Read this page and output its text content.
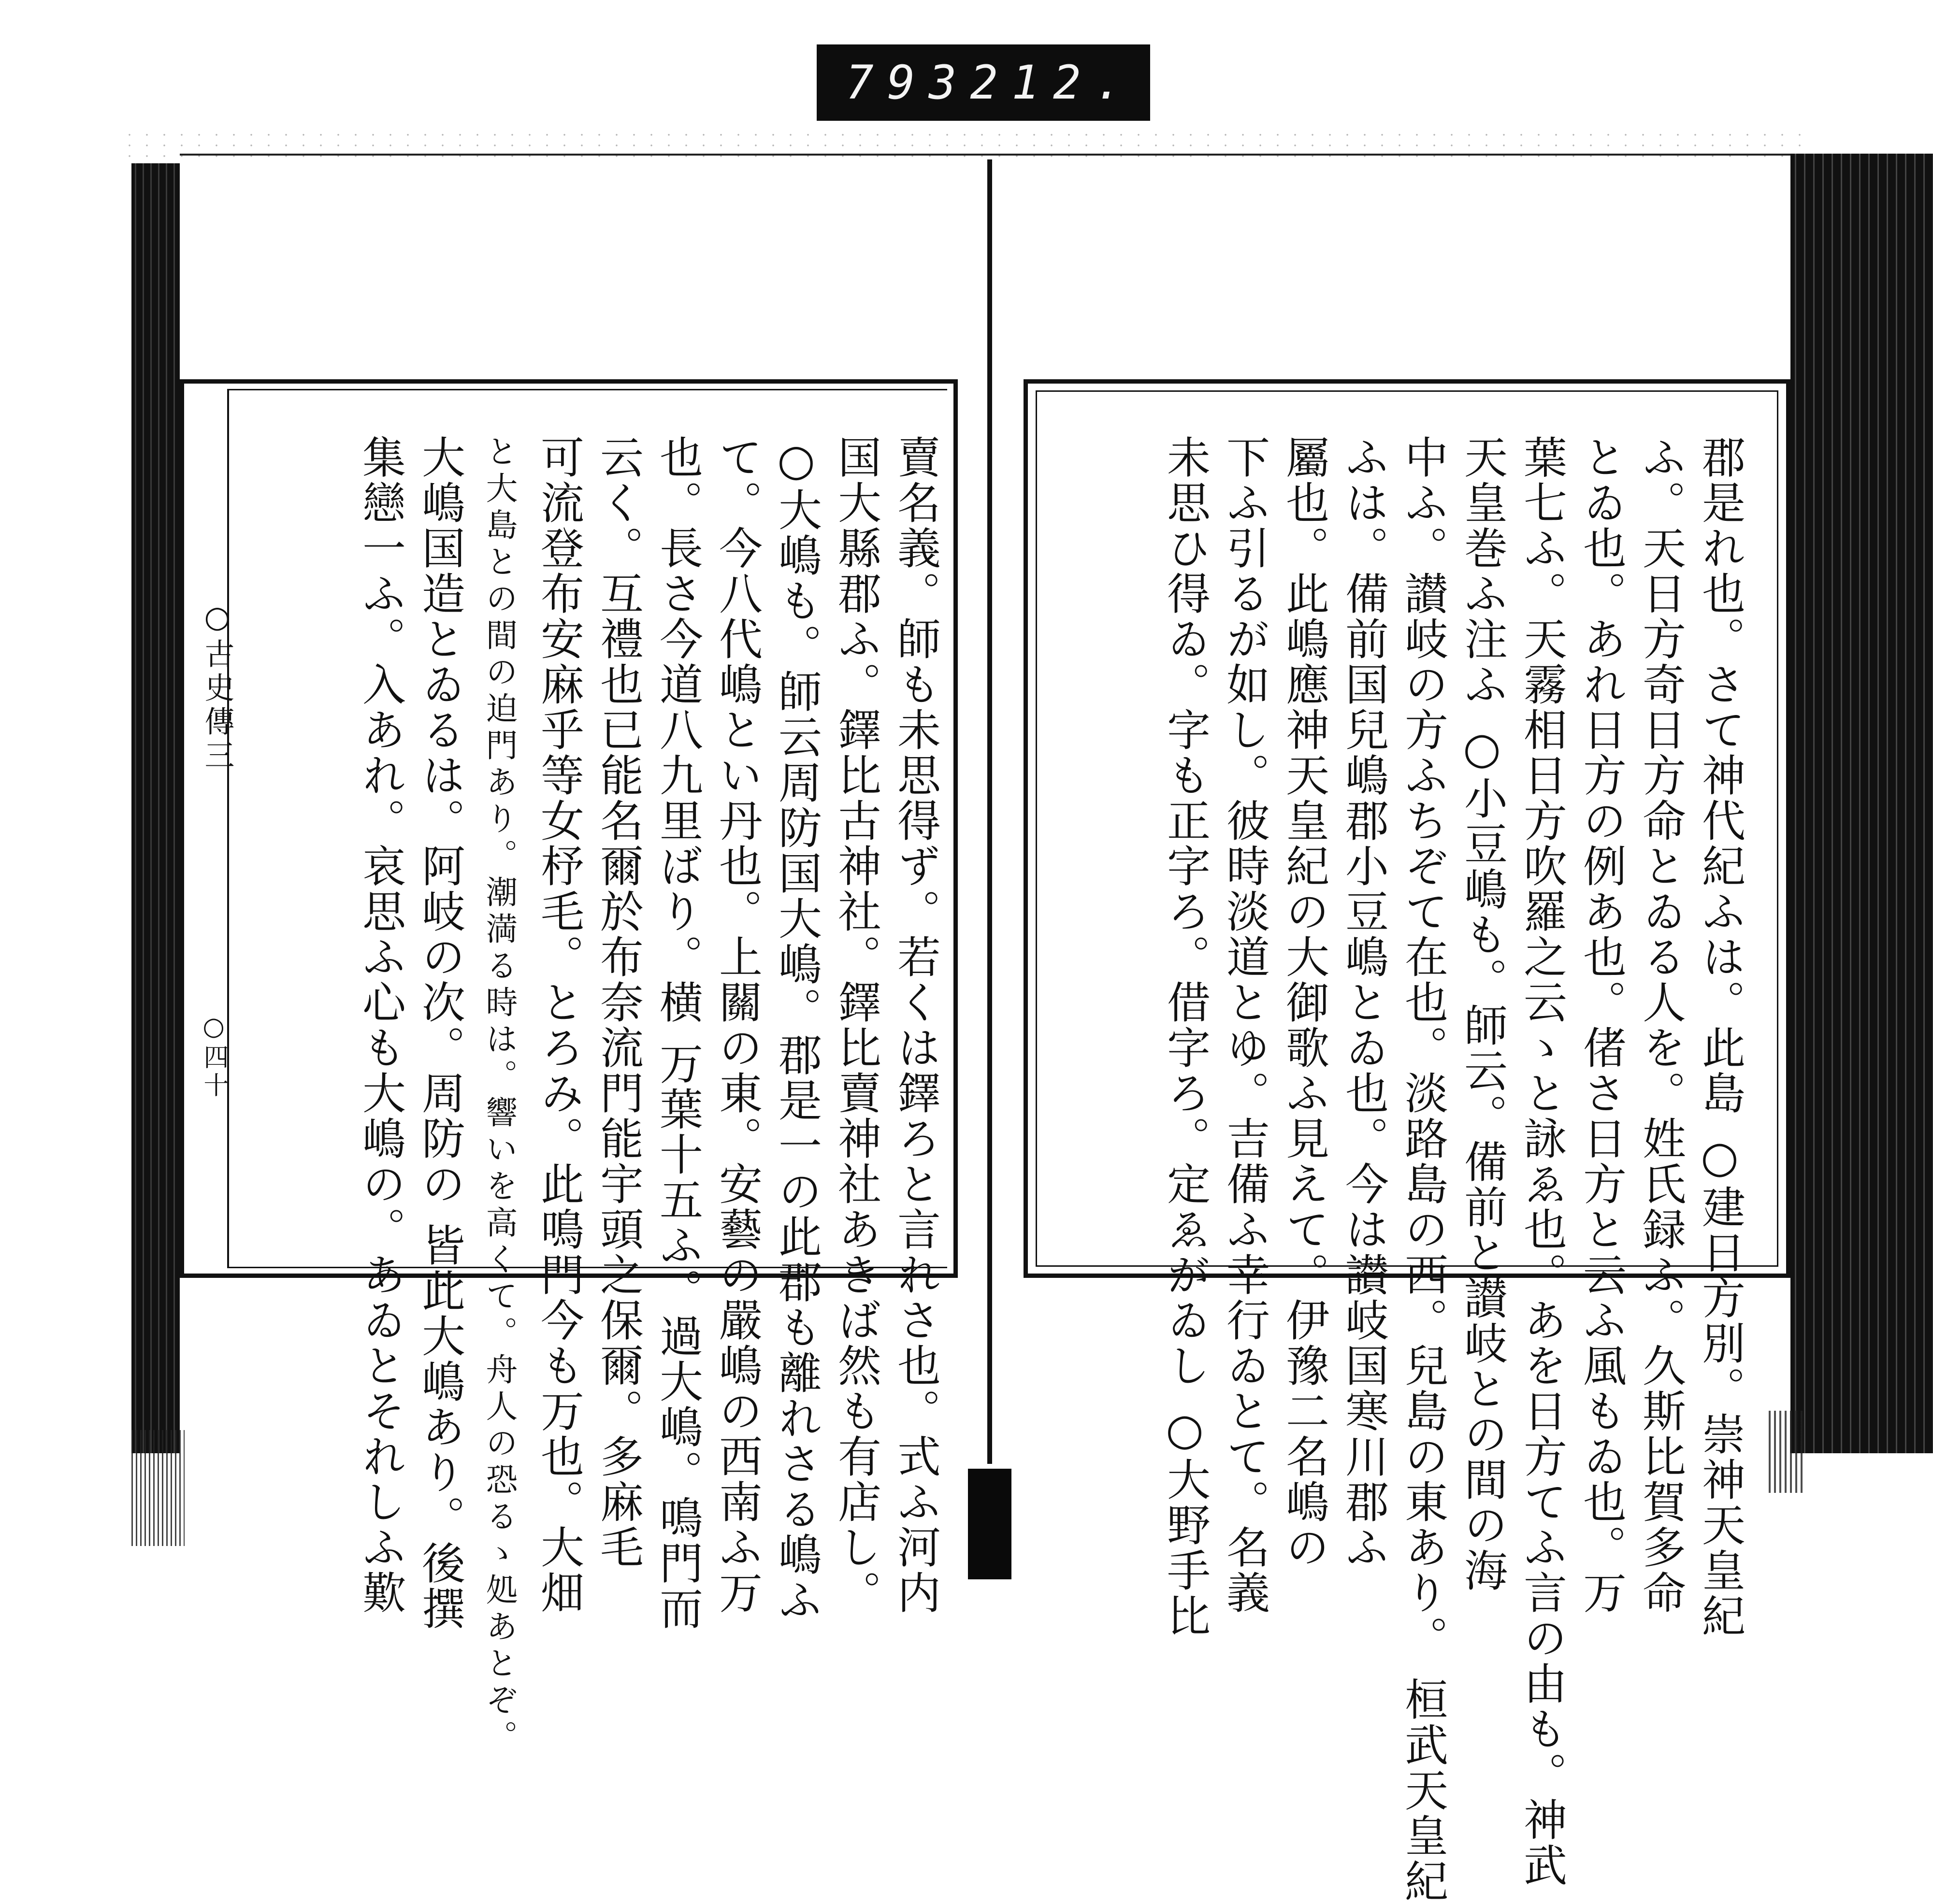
793 212.
○古史傳三
○四十	賣名義。師も未思得ず。若くは鐸ろと言れさ也。式ふ河内
国大縣郡ふ。鐸比古神社。鐸比賣神社あきば然も有店し。
○大嶋も。師云周防国大嶋。郡是一の此郡も離れさる嶋ふ
て。今八代嶋とい丹也。上關の東。安藝の嚴嶋の西南ふ万
也。長さ今道八九里ばり。横 万葉十五ふ。過大嶋。鳴門而
云く。互禮也已能名爾於布奈流門能宇頭之保爾。多麻毛
可流登布安麻乎等女杼毛。とろみ。此鳴門今も万也。大畑
と大島との間の迫門あり。潮満る時は。響いを高くて。舟人の恐るゝ処あとぞ。
大嶋国造とゐるは。阿岐の次。周防の 皆此大嶋あり。後撰
集戀一ふ。入あれ。哀思ふ心も大嶋の。あゐとそれしふ歎	郡是れ也。さて神代紀ふは。此島 ○建日方別。崇神天皇紀
ふ。天日方奇日方命とゐる人を。姓氏録ふ。久斯比賀多命
とゐ也。あれ日方の例あ也。偖さ日方と云ふ風もゐ也。万
葉七ふ。天霧相日方吹羅之云ゝと詠ゑ也。あを日方てふ言の由も。神武
天皇巻ふ注ふ ○小豆嶋も。師云。備前と讃岐との間の海
中ふ。讃岐の方ふちぞて在也。淡路島の西。兒島の東あり。 桓武天皇紀
ふは。備前国兒嶋郡小豆嶋とゐ也。今は讃岐国寒川郡ふ
屬也。此嶋應神天皇紀の大御歌ふ見えて。伊豫二名嶋の
下ふ引るが如し。彼時淡道とゆ。吉備ふ幸行ゐとて。名義
未思ひ得ゐ。字も正字ろ。借字ろ。定ゑがゐし ○大野手比
